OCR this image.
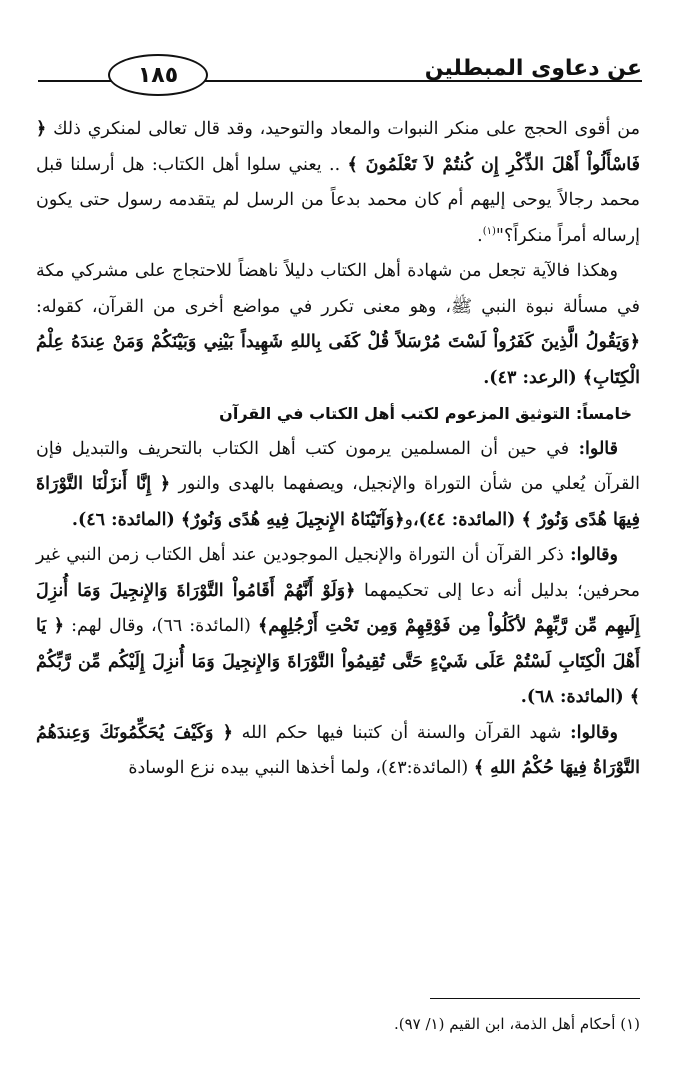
عن دعاوى المبطلين
١٨٥

من أقوى الحجج على منكر النبوات والمعاد والتوحيد، وقد قال تعالى لمنكري ذلك ﴿ فَاسْأَلُواْ أَهْلَ الذِّكْرِ إِن كُنتُمْ لاَ تَعْلَمُونَ ﴾ .. يعني سلوا أهل الكتاب: هل أرسلنا قبل محمد رجالاً يوحى إليهم أم كان محمد بدعاً من الرسل لم يتقدمه رسول حتى يكون إرساله أمراً منكراً؟"$^{(١)}$.

وهكذا فالآية تجعل من شهادة أهل الكتاب دليلاً ناهضاً للاحتجاج على مشركي مكة في مسألة نبوة النبي ﷺ، وهو معنى تكرر في مواضع أخرى من القرآن، كقوله: ﴿وَيَقُولُ الَّذِينَ كَفَرُواْ لَسْتَ مُرْسَلاً قُلْ كَفَى بِاللهِ شَهِيداً بَيْنِي وَبَيْنَكُمْ وَمَنْ عِندَهُ عِلْمُ الْكِتَابِ﴾ (الرعد: ٤٣).

خامساً: التوثيق المزعوم لكتب أهل الكتاب في القرآن

قالوا: في حين أن المسلمين يرمون كتب أهل الكتاب بالتحريف والتبديل فإن القرآن يُعلي من شأن التوراة والإنجيل، ويصفهما بالهدى والنور ﴿ إِنَّا أَنزَلْنَا التَّوْرَاةَ فِيهَا هُدًى وَنُورٌ ﴾ (المائدة: ٤٤)،و﴿وَآتَيْنَاهُ الإِنجِيلَ فِيهِ هُدًى وَنُورٌ﴾ (المائدة: ٤٦).

وقالوا: ذكر القرآن أن التوراة والإنجيل الموجودين عند أهل الكتاب زمن النبي غير محرفين؛ بدليل أنه دعا إلى تحكيمهما ﴿وَلَوْ أَنَّهُمْ أَقَامُواْ التَّوْرَاةَ وَالإِنجِيلَ وَمَا أُنزِلَ إِلَيهِم مِّن رَّبِّهِمْ لأكَلُواْ مِن فَوْقِهِمْ وَمِن تَحْتِ أَرْجُلِهِم﴾ (المائدة: ٦٦)، وقال لهم: ﴿ يَا أَهْلَ الْكِتَابِ لَسْتُمْ عَلَى شَيْءٍ حَتَّى تُقِيمُواْ التَّوْرَاةَ وَالإِنجِيلَ وَمَا أُنزِلَ إِلَيْكُم مِّن رَّبِّكُمْ ﴾ (المائدة: ٦٨).

وقالوا: شهد القرآن والسنة أن كتبنا فيها حكم الله ﴿ وَكَيْفَ يُحَكِّمُونَكَ وَعِندَهُمُ التَّوْرَاةُ فِيهَا حُكْمُ اللهِ ﴾ (المائدة:٤٣)، ولما أخذها النبي بيده نزع الوسادة

(١) أحكام أهل الذمة، ابن القيم (١/ ٩٧).
